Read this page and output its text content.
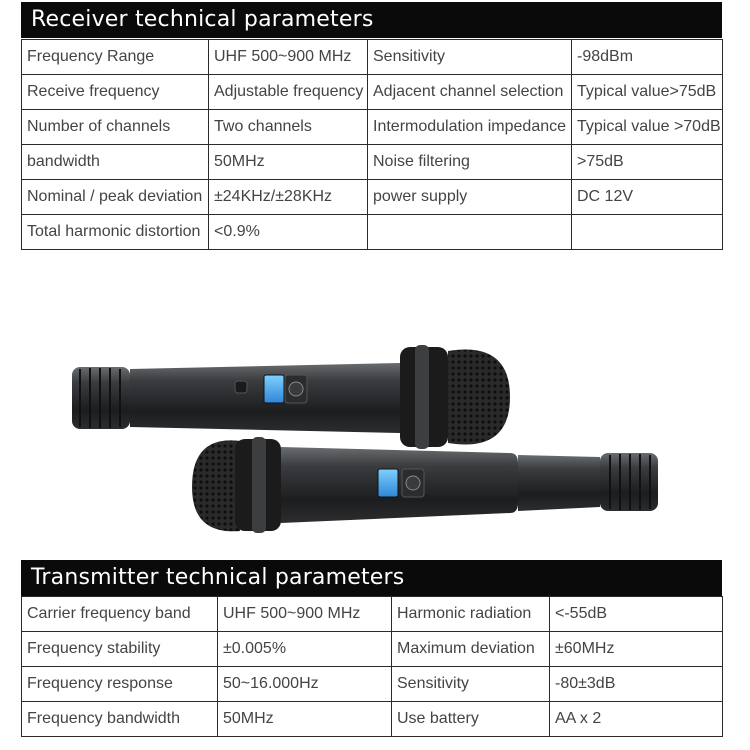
Receiver technical parameters
Frequency Range	UHF 500~900 MHz	Sensitivity	-98dBm
Receive frequency	Adjustable frequency	Adjacent channel selection	Typical value>75dB
Number of channels	Two channels	Intermodulation impedance	Typical value >70dB
bandwidth	50MHz	Noise filtering	>75dB
Nominal / peak deviation	±24KHz/±28KHz	power supply	DC 12V
Total harmonic distortion	<0.9%		
Transmitter technical parameters
Carrier frequency band	UHF 500~900 MHz	Harmonic radiation	<-55dB
Frequency stability	±0.005%	Maximum deviation	±60MHz
Frequency response	50~16.000Hz	Sensitivity	-80±3dB
Frequency bandwidth	50MHz	Use battery	AA x 2
